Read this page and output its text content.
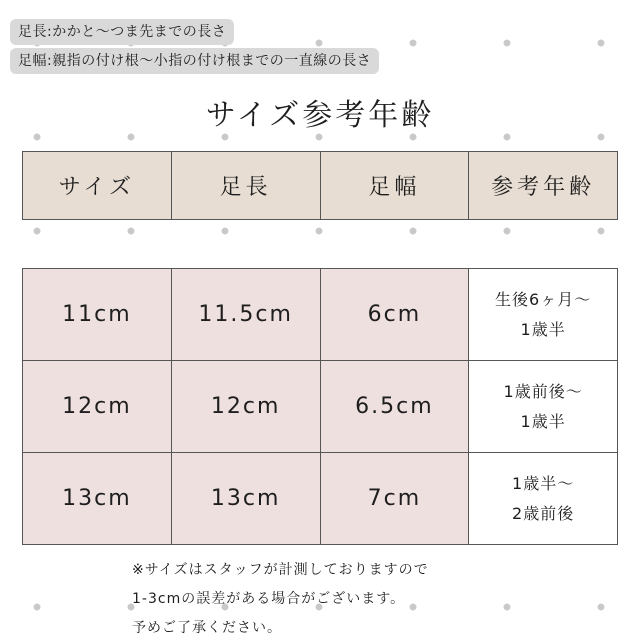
足長:かかと〜つま先までの長さ
足幅:親指の付け根〜小指の付け根までの一直線の長さ
サイズ参考年齢
サイズ	足長	足幅	参考年齢
11cm	11.5cm	6cm	生後6ヶ月〜
1歳半

12cm	12cm	6.5cm	1歳前後〜
1歳半

13cm	13cm	7cm	1歳半〜
2歳前後
※サイズはスタッフが計測しておりますので
1-3cmの誤差がある場合がございます。
予めご了承ください。
